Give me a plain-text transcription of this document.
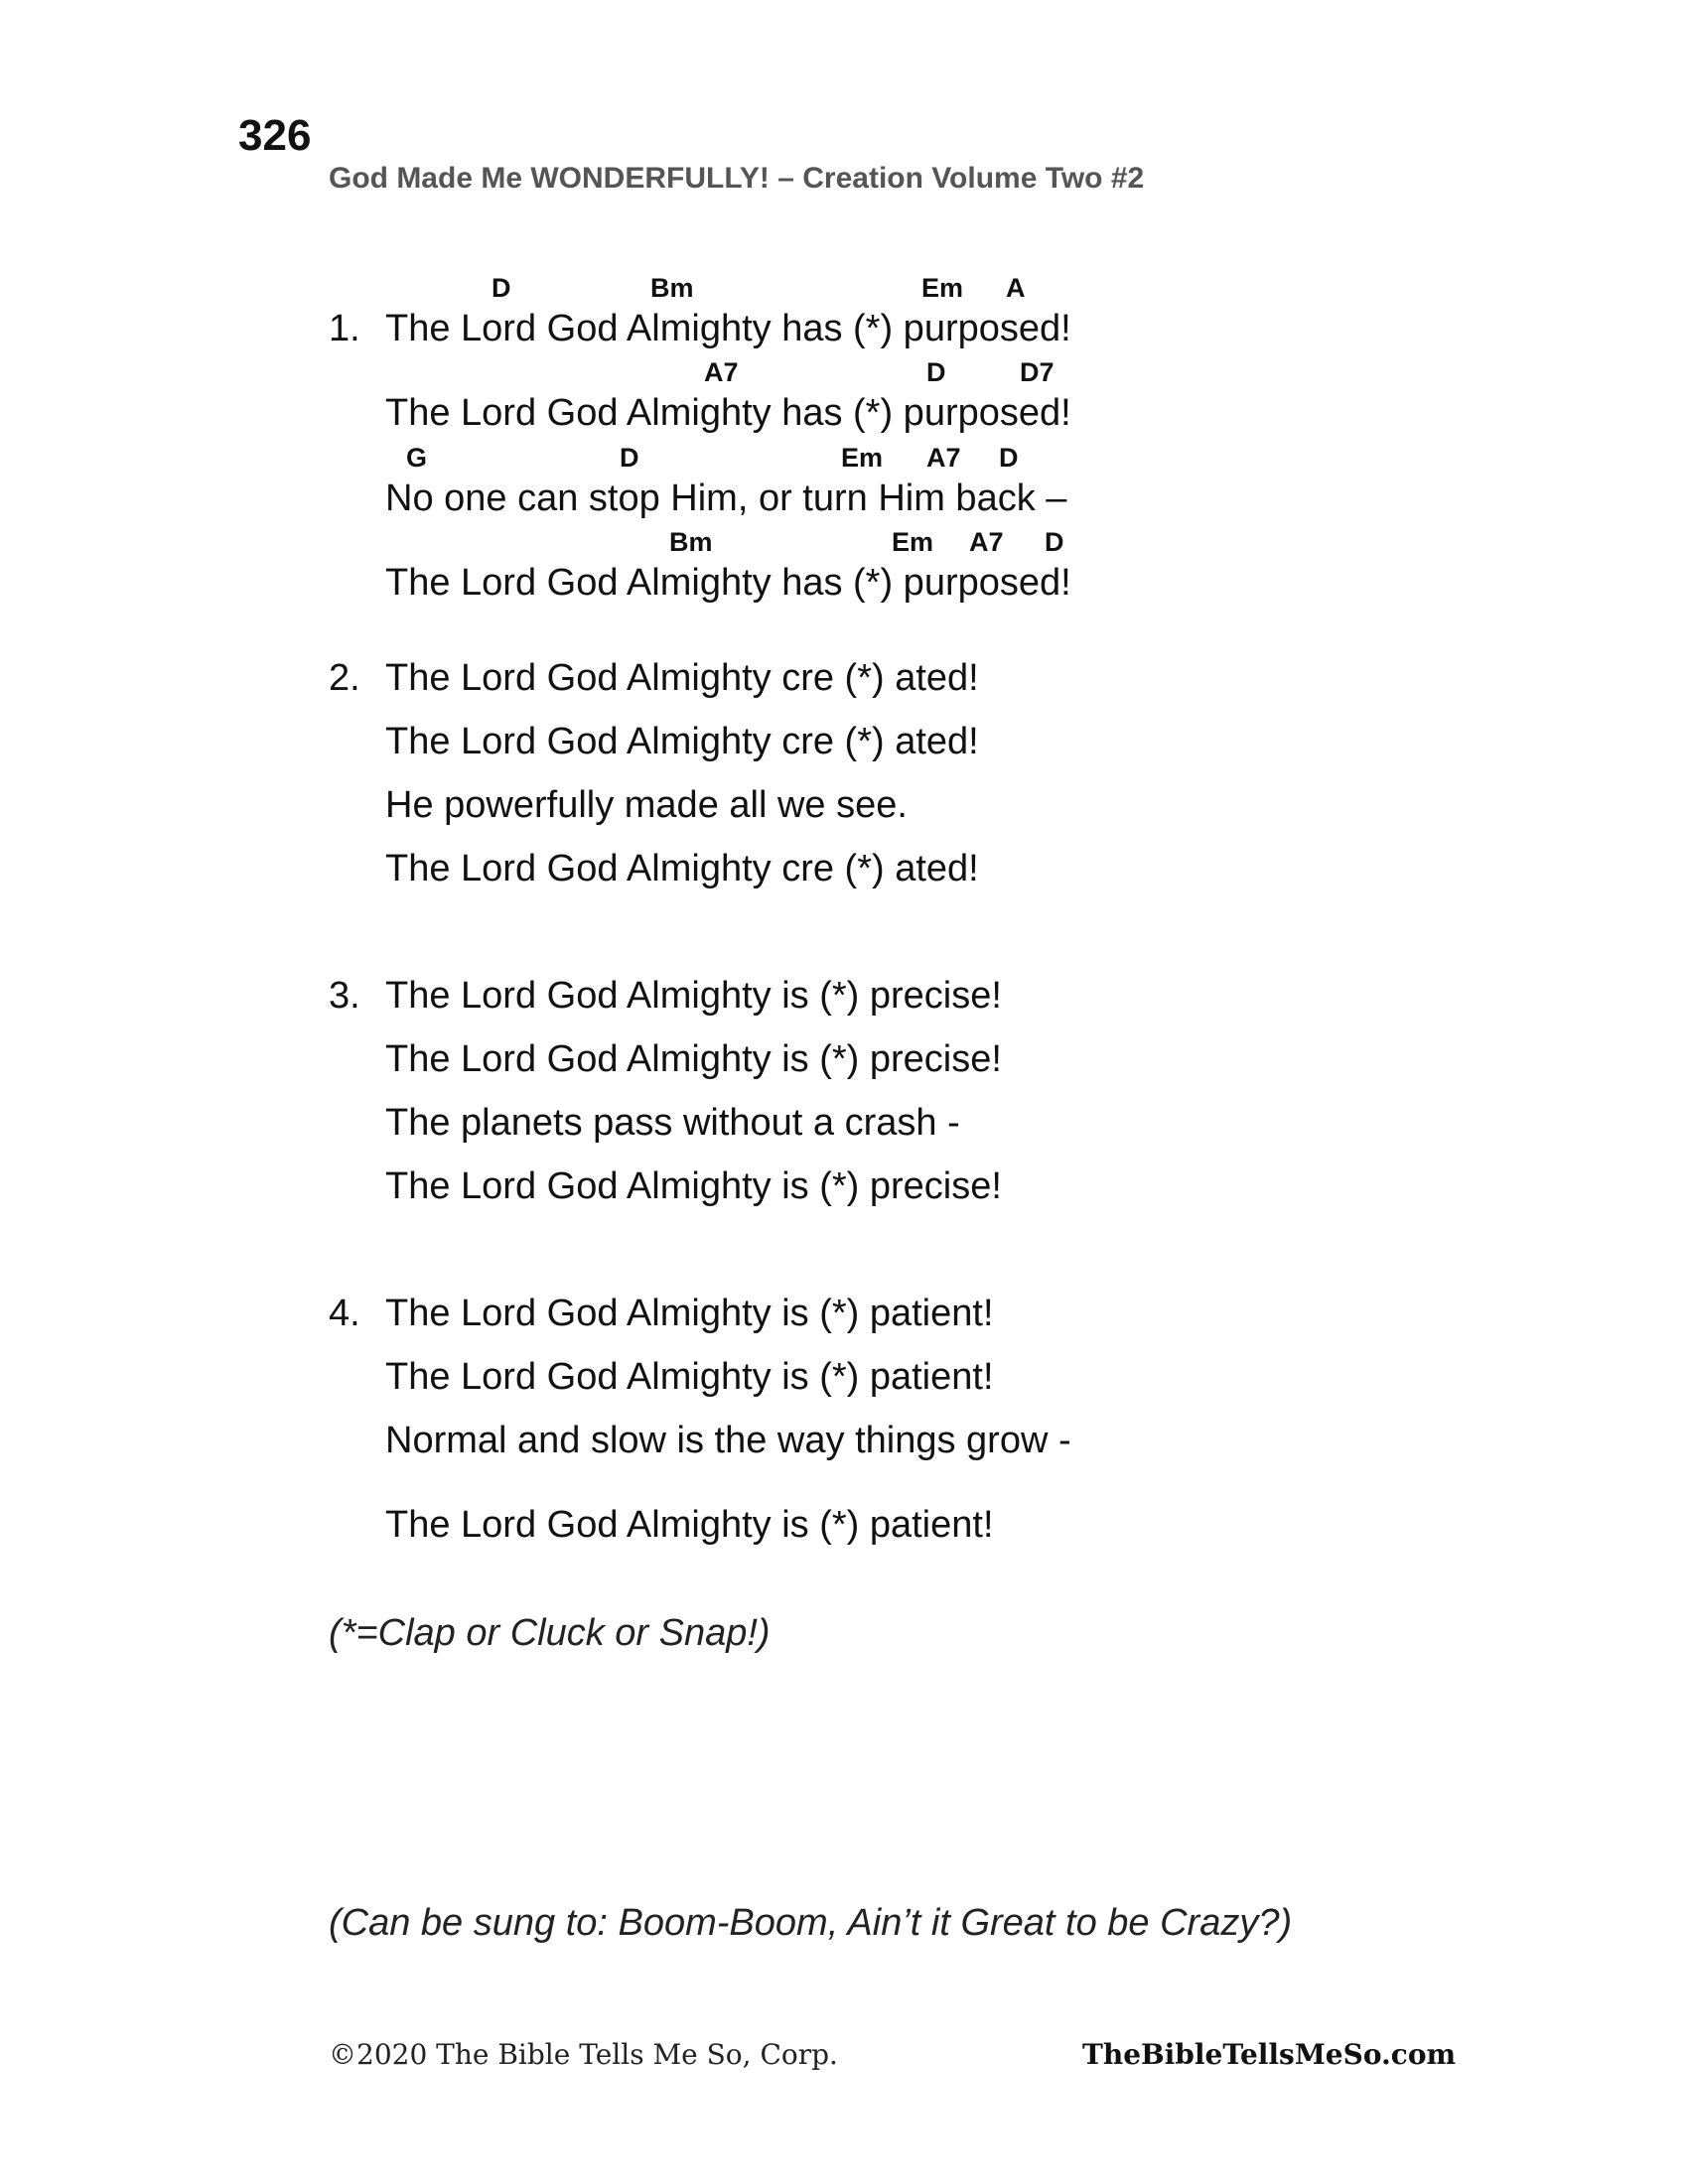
326
God Made Me WONDERFULLY! – Creation Volume Two #2
D	Bm	Em A
1. The Lord God Almighty has (*) purposed!
A7	D	D7
The Lord God Almighty has (*) purposed!
G	D	Em A7 D
No one can stop Him, or turn Him back –
Bm	Em A7 D
The Lord God Almighty has (*) purposed!
2. The Lord God Almighty cre (*) ated!
The Lord God Almighty cre (*) ated!
He powerfully made all we see.
The Lord God Almighty cre (*) ated!
3. The Lord God Almighty is (*) precise!
The Lord God Almighty is (*) precise!
The planets pass without a crash -
The Lord God Almighty is (*) precise!
4. The Lord God Almighty is (*) patient!
The Lord God Almighty is (*) patient!
Normal and slow is the way things grow -
The Lord God Almighty is (*) patient!
(*=Clap or Cluck or Snap!)
(Can be sung to: Boom-Boom, Ain’t it Great to be Crazy?)
©2020 The Bible Tells Me So, Corp.	TheBibleTellsMeSo.com
